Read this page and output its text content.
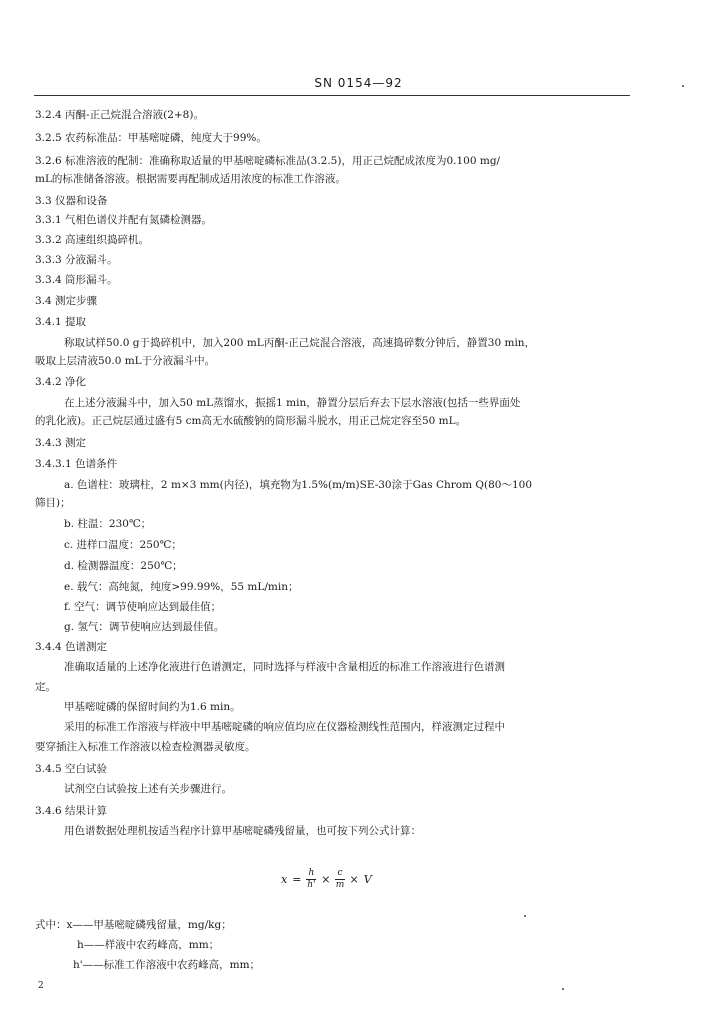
SN 0154—92
3.2.4 丙酮-正己烷混合溶液(2+8)。
3.2.5 农药标准品：甲基嘧啶磷，纯度大于99%。
3.2.6 标准溶液的配制：准确称取适量的甲基嘧啶磷标准品(3.2.5)，用正己烷配成浓度为0.100 mg/
mL的标准储备溶液。根据需要再配制成适用浓度的标准工作溶液。
3.3 仪器和设备
3.3.1 气相色谱仪并配有氮磷检测器。
3.3.2 高速组织捣碎机。
3.3.3 分液漏斗。
3.3.4 筒形漏斗。
3.4 测定步骤
3.4.1 提取
称取试样50.0 g于捣碎机中，加入200 mL丙酮-正己烷混合溶液，高速捣碎数分钟后，静置30 min，
吸取上层清液50.0 mL于分液漏斗中。
3.4.2 净化
在上述分液漏斗中，加入50 mL蒸馏水，振摇1 min，静置分层后弃去下层水溶液(包括一些界面处
的乳化液)。正己烷层通过盛有5 cm高无水硫酸钠的筒形漏斗脱水，用正己烷定容至50 mL。
3.4.3 测定
3.4.3.1 色谱条件
a. 色谱柱：玻璃柱，2 m×3 mm(内径)，填充物为1.5%(m/m)SE-30涂于Gas Chrom Q(80～100
筛目)；
b. 柱温：230℃；
c. 进样口温度：250℃；
d. 检测器温度：250℃；
e. 载气：高纯氮，纯度>99.99%，55 mL/min；
f. 空气：调节使响应达到最佳值；
g. 氢气：调节使响应达到最佳值。
3.4.4 色谱测定
准确取适量的上述净化液进行色谱测定，同时选择与样液中含量相近的标准工作溶液进行色谱测
定。
甲基嘧啶磷的保留时间约为1.6 min。
采用的标准工作溶液与样液中甲基嘧啶磷的响应值均应在仪器检测线性范围内，样液测定过程中
要穿插注入标准工作溶液以检查检测器灵敏度。
3.4.5 空白试验
试剂空白试验按上述有关步骤进行。
3.4.6 结果计算
用色谱数据处理机按适当程序计算甲基嘧啶磷残留量，也可按下列公式计算：
$x = \frac{h}{h'} \times \frac{c}{m} \times V$
式中：x——甲基嘧啶磷残留量，mg/kg；
h——样液中农药峰高，mm；
h'——标准工作溶液中农药峰高，mm；
2
